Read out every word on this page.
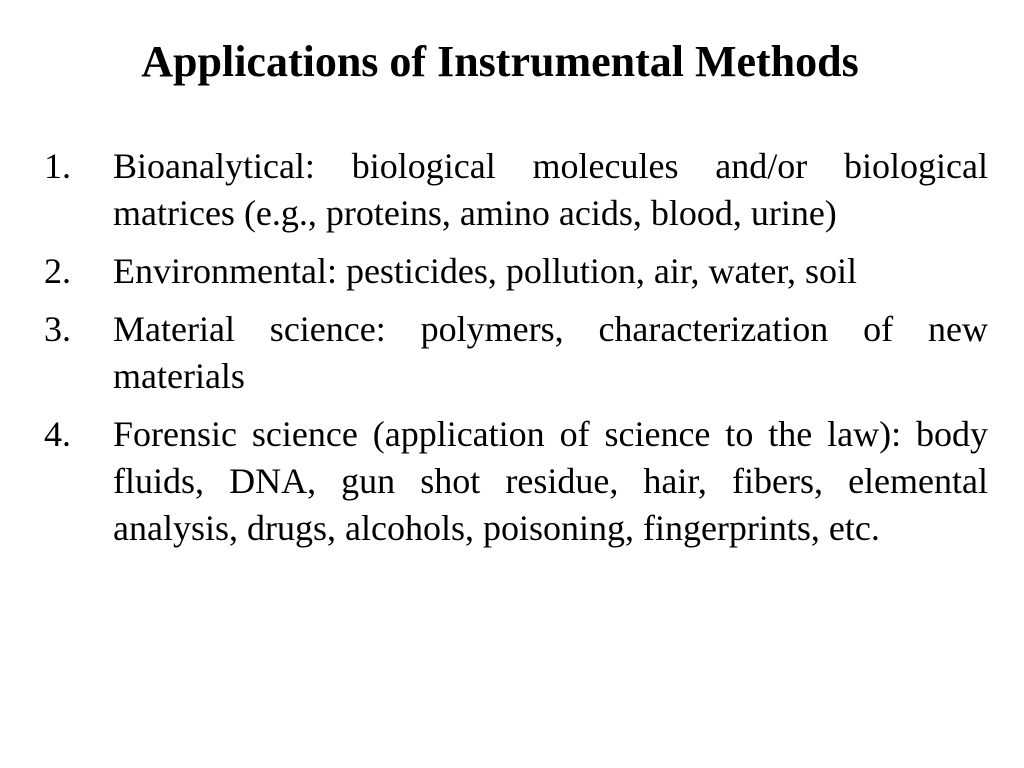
Applications of Instrumental Methods
1. Bioanalytical: biological molecules and/or biological matrices (e.g., proteins, amino acids, blood, urine)
2. Environmental: pesticides, pollution, air, water, soil
3. Material science: polymers, characterization of new materials
4. Forensic science (application of science to the law): body fluids, DNA, gun shot residue, hair, fibers, elemental analysis, drugs, alcohols, poisoning, fingerprints, etc.
